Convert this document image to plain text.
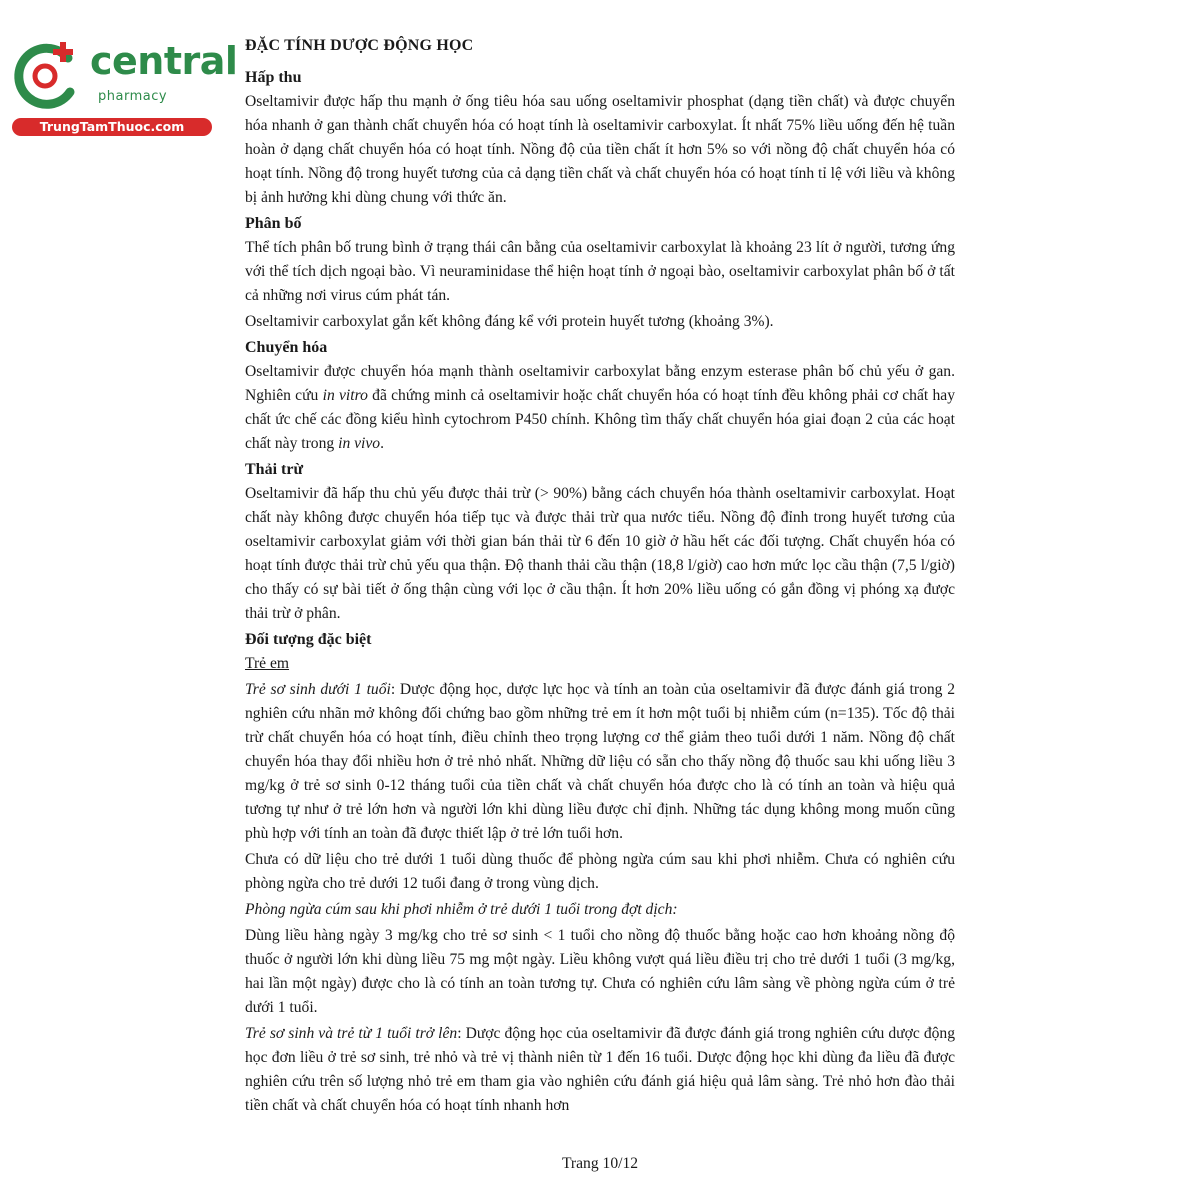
central
pharmacy
TrungTamThuoc.com
ĐẶC TÍNH DƯỢC ĐỘNG HỌC
Hấp thu

Oseltamivir được hấp thu mạnh ở ống tiêu hóa sau uống oseltamivir phosphat (dạng tiền chất) và được chuyển hóa nhanh ở gan thành chất chuyển hóa có hoạt tính là oseltamivir carboxylat. Ít nhất 75% liều uống đến hệ tuần hoàn ở dạng chất chuyển hóa có hoạt tính. Nồng độ của tiền chất ít hơn 5% so với nồng độ chất chuyển hóa có hoạt tính. Nồng độ trong huyết tương của cả dạng tiền chất và chất chuyển hóa có hoạt tính tỉ lệ với liều và không bị ảnh hưởng khi dùng chung với thức ăn.

Phân bố

Thể tích phân bố trung bình ở trạng thái cân bằng của oseltamivir carboxylat là khoảng 23 lít ở người, tương ứng với thể tích dịch ngoại bào. Vì neuraminidase thể hiện hoạt tính ở ngoại bào, oseltamivir carboxylat phân bố ở tất cả những nơi virus cúm phát tán.

Oseltamivir carboxylat gắn kết không đáng kể với protein huyết tương (khoảng 3%).

Chuyển hóa

Oseltamivir được chuyển hóa mạnh thành oseltamivir carboxylat bằng enzym esterase phân bố chủ yếu ở gan. Nghiên cứu in vitro đã chứng minh cả oseltamivir hoặc chất chuyển hóa có hoạt tính đều không phải cơ chất hay chất ức chế các đồng kiểu hình cytochrom P450 chính. Không tìm thấy chất chuyển hóa giai đoạn 2 của các hoạt chất này trong in vivo.

Thải trừ

Oseltamivir đã hấp thu chủ yếu được thải trừ (> 90%) bằng cách chuyển hóa thành oseltamivir carboxylat. Hoạt chất này không được chuyển hóa tiếp tục và được thải trừ qua nước tiểu. Nồng độ đỉnh trong huyết tương của oseltamivir carboxylat giảm với thời gian bán thải từ 6 đến 10 giờ ở hầu hết các đối tượng. Chất chuyển hóa có hoạt tính được thải trừ chủ yếu qua thận. Độ thanh thải cầu thận (18,8 l/giờ) cao hơn mức lọc cầu thận (7,5 l/giờ) cho thấy có sự bài tiết ở ống thận cùng với lọc ở cầu thận. Ít hơn 20% liều uống có gắn đồng vị phóng xạ được thải trừ ở phân.

Đối tượng đặc biệt

Trẻ em

Trẻ sơ sinh dưới 1 tuổi: Dược động học, dược lực học và tính an toàn của oseltamivir đã được đánh giá trong 2 nghiên cứu nhãn mở không đối chứng bao gồm những trẻ em ít hơn một tuổi bị nhiễm cúm (n=135). Tốc độ thải trừ chất chuyển hóa có hoạt tính, điều chỉnh theo trọng lượng cơ thể giảm theo tuổi dưới 1 năm. Nồng độ chất chuyển hóa thay đổi nhiều hơn ở trẻ nhỏ nhất. Những dữ liệu có sẵn cho thấy nồng độ thuốc sau khi uống liều 3 mg/kg ở trẻ sơ sinh 0-12 tháng tuổi của tiền chất và chất chuyển hóa được cho là có tính an toàn và hiệu quả tương tự như ở trẻ lớn hơn và người lớn khi dùng liều được chỉ định. Những tác dụng không mong muốn cũng phù hợp với tính an toàn đã được thiết lập ở trẻ lớn tuổi hơn.

Chưa có dữ liệu cho trẻ dưới 1 tuổi dùng thuốc để phòng ngừa cúm sau khi phơi nhiễm. Chưa có nghiên cứu phòng ngừa cho trẻ dưới 12 tuổi đang ở trong vùng dịch.

Phòng ngừa cúm sau khi phơi nhiễm ở trẻ dưới 1 tuổi trong đợt dịch:

Dùng liều hàng ngày 3 mg/kg cho trẻ sơ sinh < 1 tuổi cho nồng độ thuốc bằng hoặc cao hơn khoảng nồng độ thuốc ở người lớn khi dùng liều 75 mg một ngày. Liều không vượt quá liều điều trị cho trẻ dưới 1 tuổi (3 mg/kg, hai lần một ngày) được cho là có tính an toàn tương tự. Chưa có nghiên cứu lâm sàng về phòng ngừa cúm ở trẻ dưới 1 tuổi.

Trẻ sơ sinh và trẻ từ 1 tuổi trở lên: Dược động học của oseltamivir đã được đánh giá trong nghiên cứu dược động học đơn liều ở trẻ sơ sinh, trẻ nhỏ và trẻ vị thành niên từ 1 đến 16 tuổi. Dược động học khi dùng đa liều đã được nghiên cứu trên số lượng nhỏ trẻ em tham gia vào nghiên cứu đánh giá hiệu quả lâm sàng. Trẻ nhỏ hơn đào thải tiền chất và chất chuyển hóa có hoạt tính nhanh hơn

Trang 10/12
